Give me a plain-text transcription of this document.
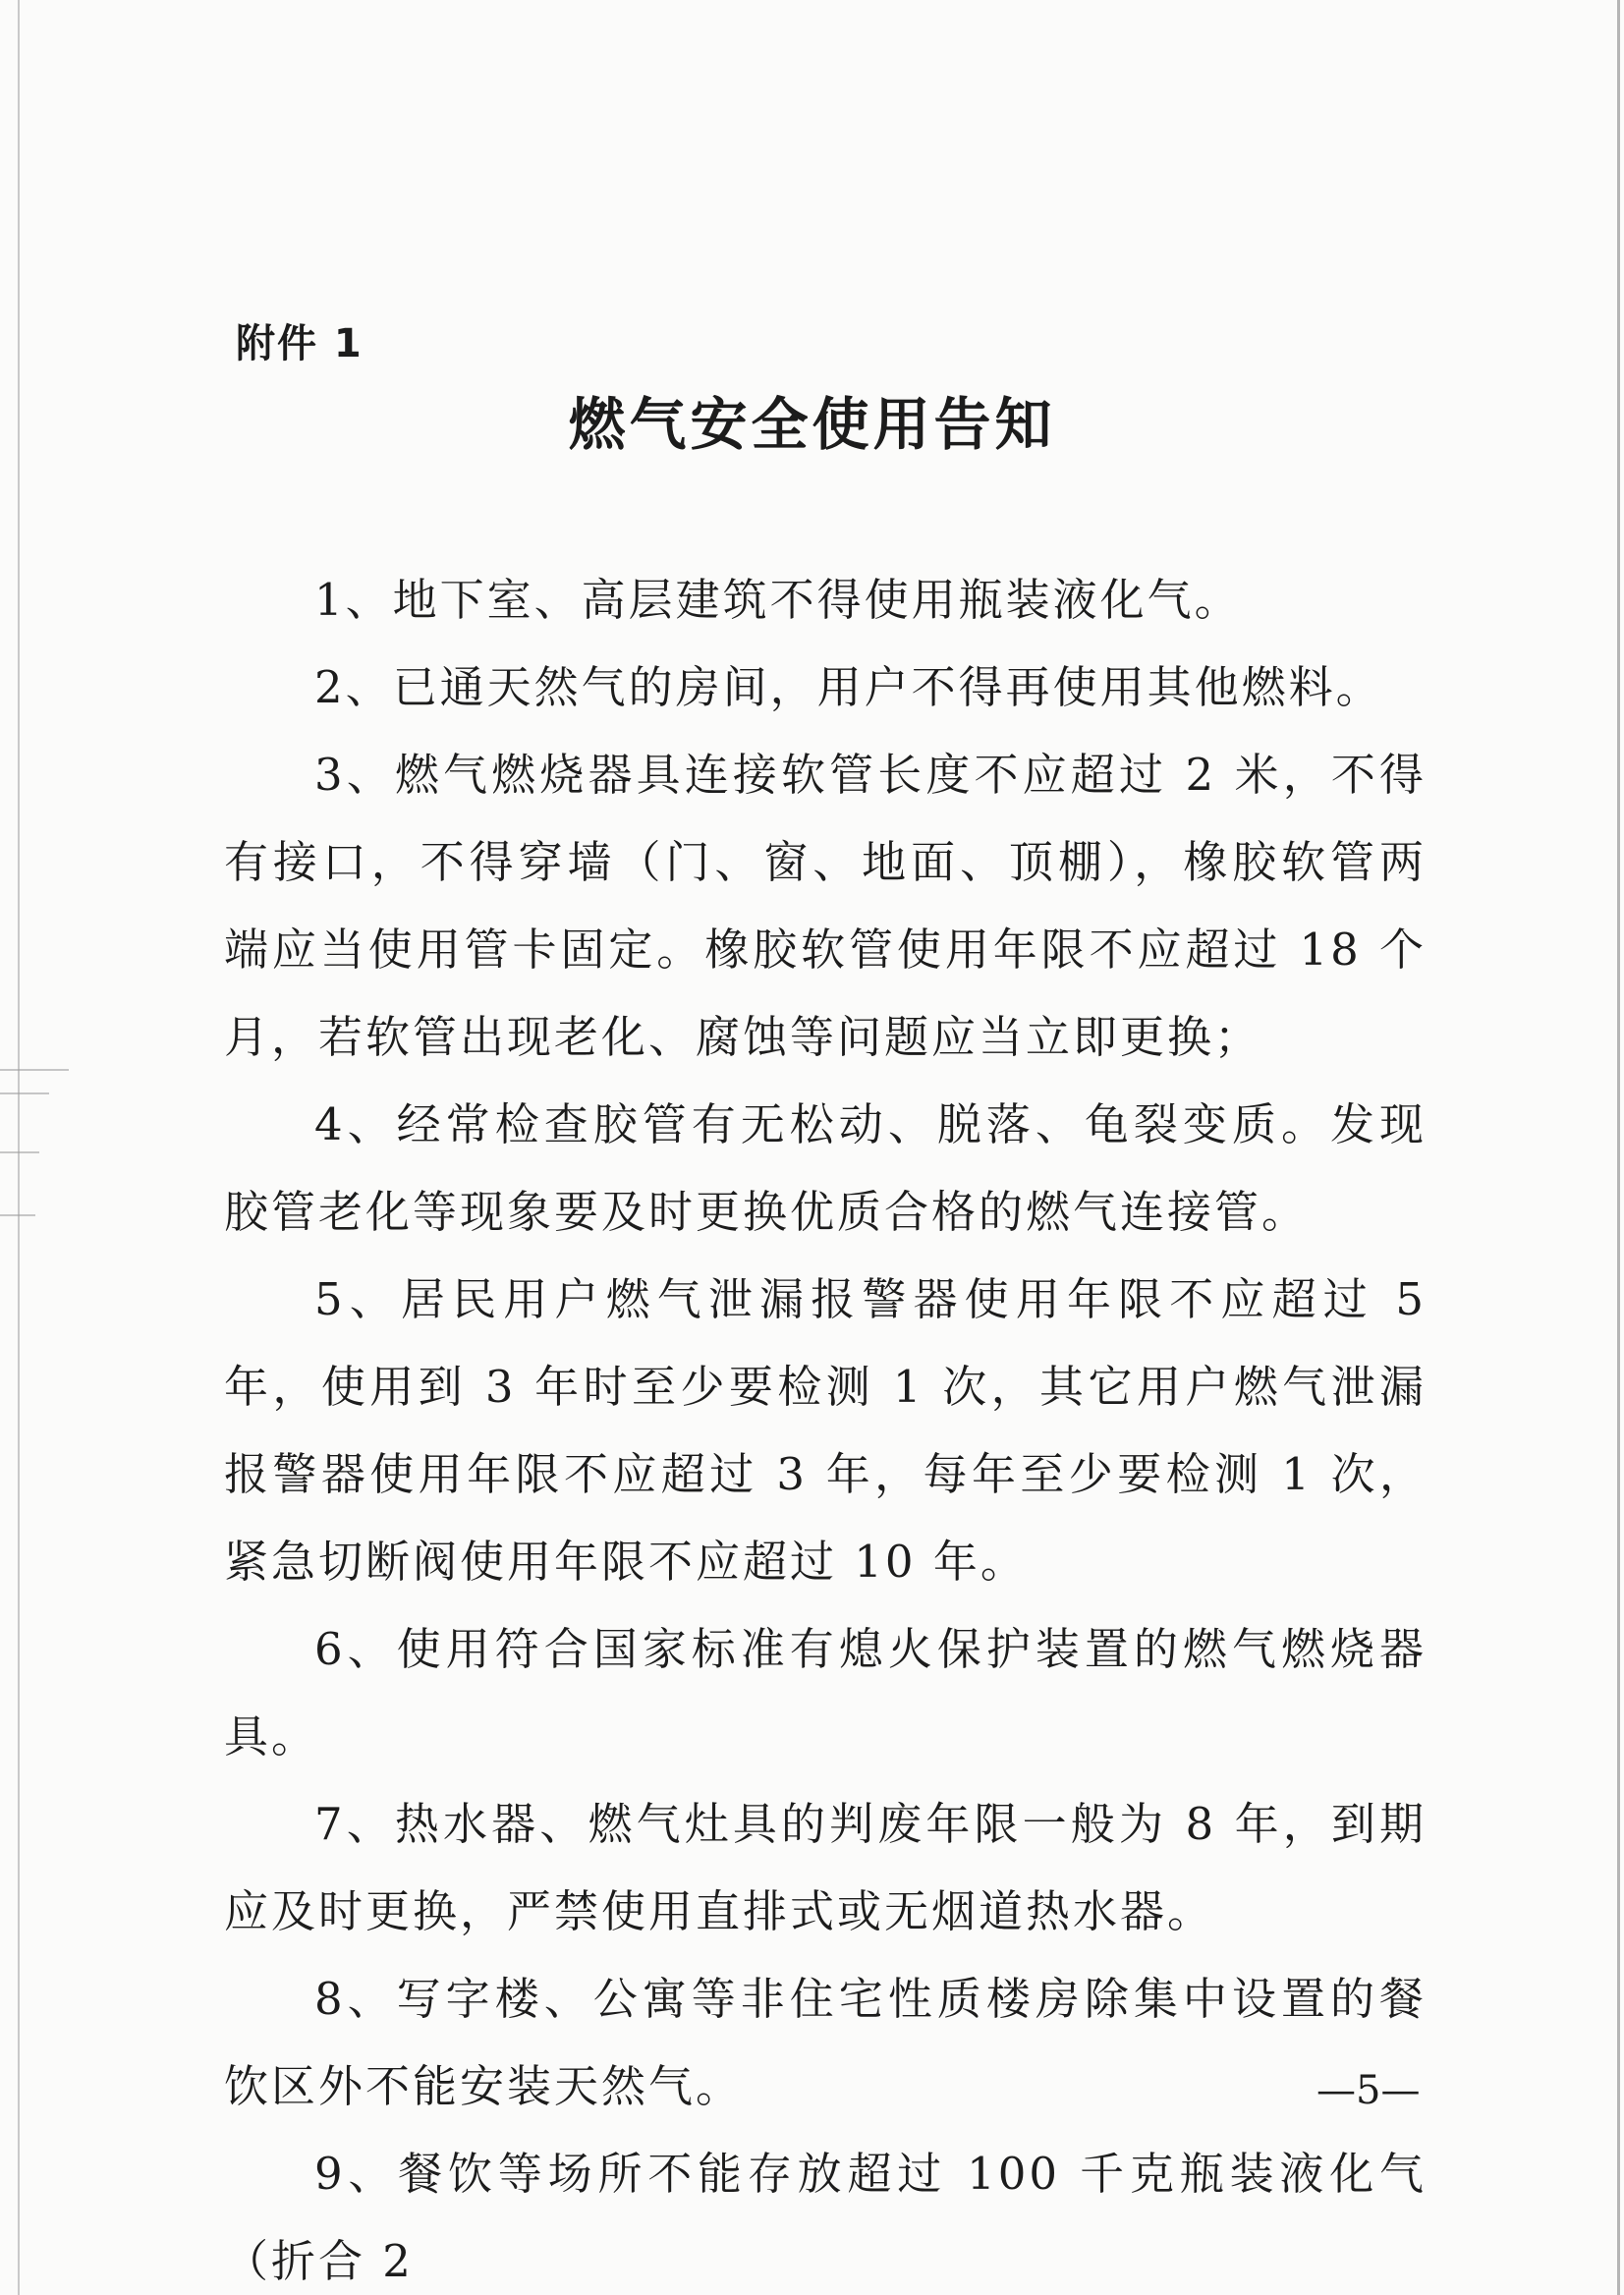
附件 1

燃气安全使用告知

1、地下室、高层建筑不得使用瓶装液化气。

2、已通天然气的房间，用户不得再使用其他燃料。

3、燃气燃烧器具连接软管长度不应超过 2 米，不得有接口，不得穿墙（门、窗、地面、顶棚），橡胶软管两端应当使用管卡固定。橡胶软管使用年限不应超过 18 个月，若软管出现老化、腐蚀等问题应当立即更换；

4、经常检查胶管有无松动、脱落、龟裂变质。发现胶管老化等现象要及时更换优质合格的燃气连接管。

5、居民用户燃气泄漏报警器使用年限不应超过 5 年，使用到 3 年时至少要检测 1 次，其它用户燃气泄漏报警器使用年限不应超过 3 年，每年至少要检测 1 次，紧急切断阀使用年限不应超过 10 年。

6、使用符合国家标准有熄火保护装置的燃气燃烧器具。

7、热水器、燃气灶具的判废年限一般为 8 年，到期应及时更换，严禁使用直排式或无烟道热水器。

8、写字楼、公寓等非住宅性质楼房除集中设置的餐饮区外不能安装天然气。

9、餐饮等场所不能存放超过 100 千克瓶装液化气（折合 2

—5—
